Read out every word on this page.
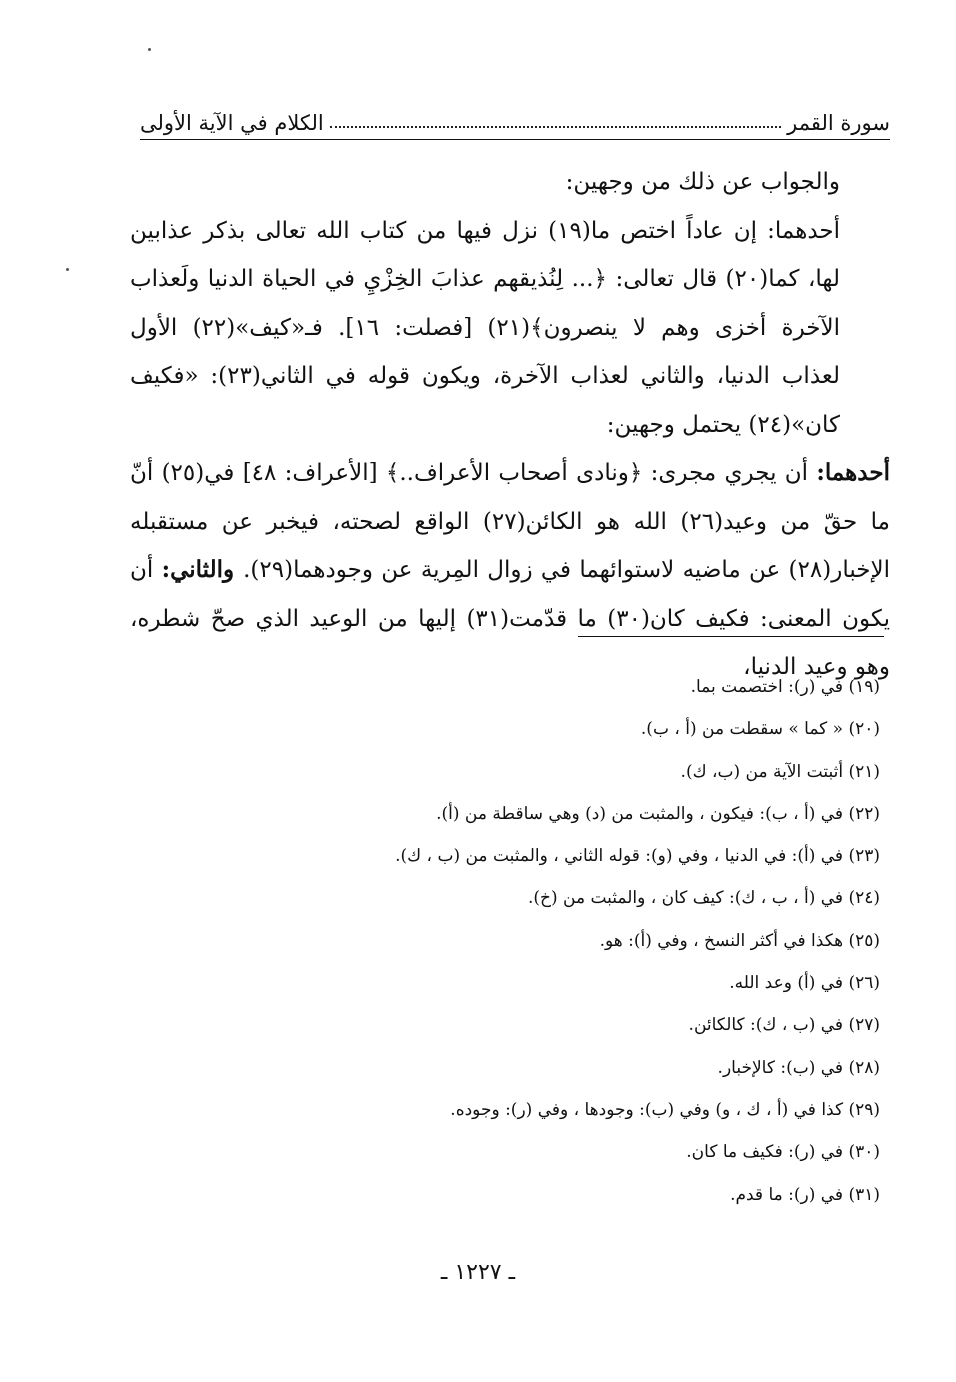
سورة القمر
الكلام في الآية الأولى

والجواب عن ذلك من وجهين:

أحدهما: إن عاداً اختص ما(١٩) نزل فيها من كتاب الله تعالى بذكر عذابين لها، كما(٢٠) قال تعالى: ﴿... لِنُذيقهم عذابَ الخِزْيِ في الحياة الدنيا ولَعذاب الآخرة أخزى وهم لا ينصرون﴾(٢١) [فصلت: ١٦]. فـ«كيف»(٢٢) الأول لعذاب الدنيا، والثاني لعذاب الآخرة، ويكون قوله في الثاني(٢٣): «فكيف كان»(٢٤) يحتمل وجهين:

أحدهما: أن يجري مجرى: ﴿ونادى أصحاب الأعراف..﴾ [الأعراف: ٤٨] في(٢٥) أنّ ما حقّ من وعيد(٢٦) الله هو الكائن(٢٧) الواقع لصحته، فيخبر عن مستقبله الإخبار(٢٨) عن ماضيه لاستوائهما في زوال المِرية عن وجودهما(٢٩). والثاني: أن يكون المعنى: فكيف كان(٣٠) ما قدّمت(٣١) إليها من الوعيد الذي صحّ شطره، وهو وعيد الدنيا،

(١٩) في (ر): اختصمت بما.

(٢٠) « كما » سقطت من (أ ، ب).

(٢١) أثبتت الآية من (ب، ك).

(٢٢) في (أ ، ب): فيكون ، والمثبت من (د) وهي ساقطة من (أ).

(٢٣) في (أ): في الدنيا ، وفي (و): قوله الثاني ، والمثبت من (ب ، ك).

(٢٤) في (أ ، ب ، ك): كيف كان ، والمثبت من (خ).

(٢٥) هكذا في أكثر النسخ ، وفي (أ): هو.

(٢٦) في (أ) وعد الله.

(٢٧) في (ب ، ك): كالكائن.

(٢٨) في (ب): كالإخبار.

(٢٩) كذا في (أ ، ك ، و) وفي (ب): وجودها ، وفي (ر): وجوده.

(٣٠) في (ر): فكيف ما كان.

(٣١) في (ر): ما قدم.

ـ ١٢٢٧ ـ
